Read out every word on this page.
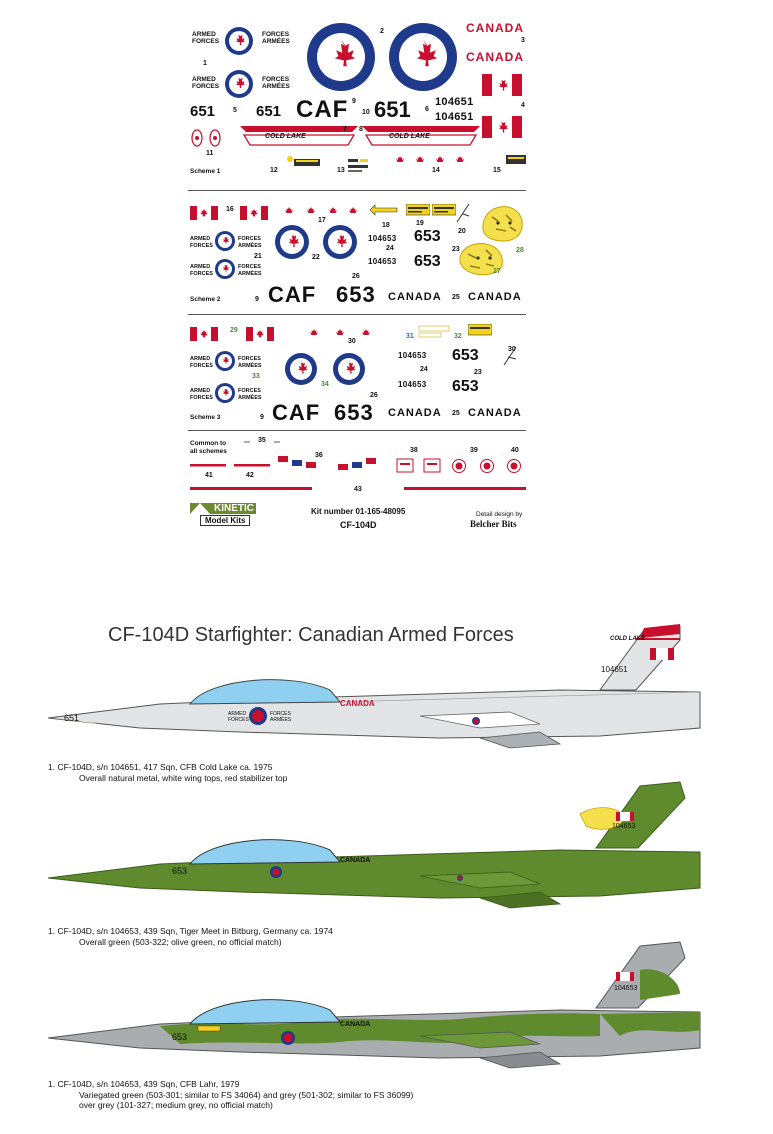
ARMED
FORCES
FORCES
ARMÉES
1
ARMED
FORCES
FORCES
ARMÉES
2	CANADA
3
CANADA
4
651	5 651 CAF 9
10 651 6
104651
104651
COLD LAKE
7 8
COLD LAKE
11
12	13	14	15
Scheme 1
16
17
18	19
20
28
27
ARMED
FORCES
FORCES
ARMÉES
21
ARMED
FORCES
FORCES
ARMÉES
22
104653
24
104653
653
23
653
Scheme 2	9 CAF 653
26
CANADA 25 CANADA
29
30
31	32
30
ARMED
FORCES
FORCES
ARMÉES
33
ARMED
FORCES
FORCES
ARMÉES
34
104653
24
104653
653
23
653
Scheme 3	9 CAF 653
26
CANADA 25 CANADA
Common to
all schemes
35
41	42
36
38	39	40
43
KINETIC
Model Kits
Kit number 01-165-48095
CF-104D
Detail design by
Belcher Bits
CF-104D Starfighter: Canadian Armed Forces
651
104651
COLD LAKE
CANADA
ARMED
FORCES
FORCES
ARMÉES
1. CF-104D, s/n 104651, 417 Sqn, CFB Cold Lake ca. 1975
Overall natural metal, white wing tops, red stabilizer top
653
104653
CANADA
1. CF-104D, s/n 104653, 439 Sqn, Tiger Meet in Bitburg, Germany ca. 1974
Overall green (503-322; olive green, no official match)
653
104653
CANADA
1. CF-104D, s/n 104653, 439 Sqn, CFB Lahr, 1979
Variegated green (503-301; similar to FS 34064) and grey (501-302; similar to FS 36099)
over grey (101-327; medium grey, no official match)
